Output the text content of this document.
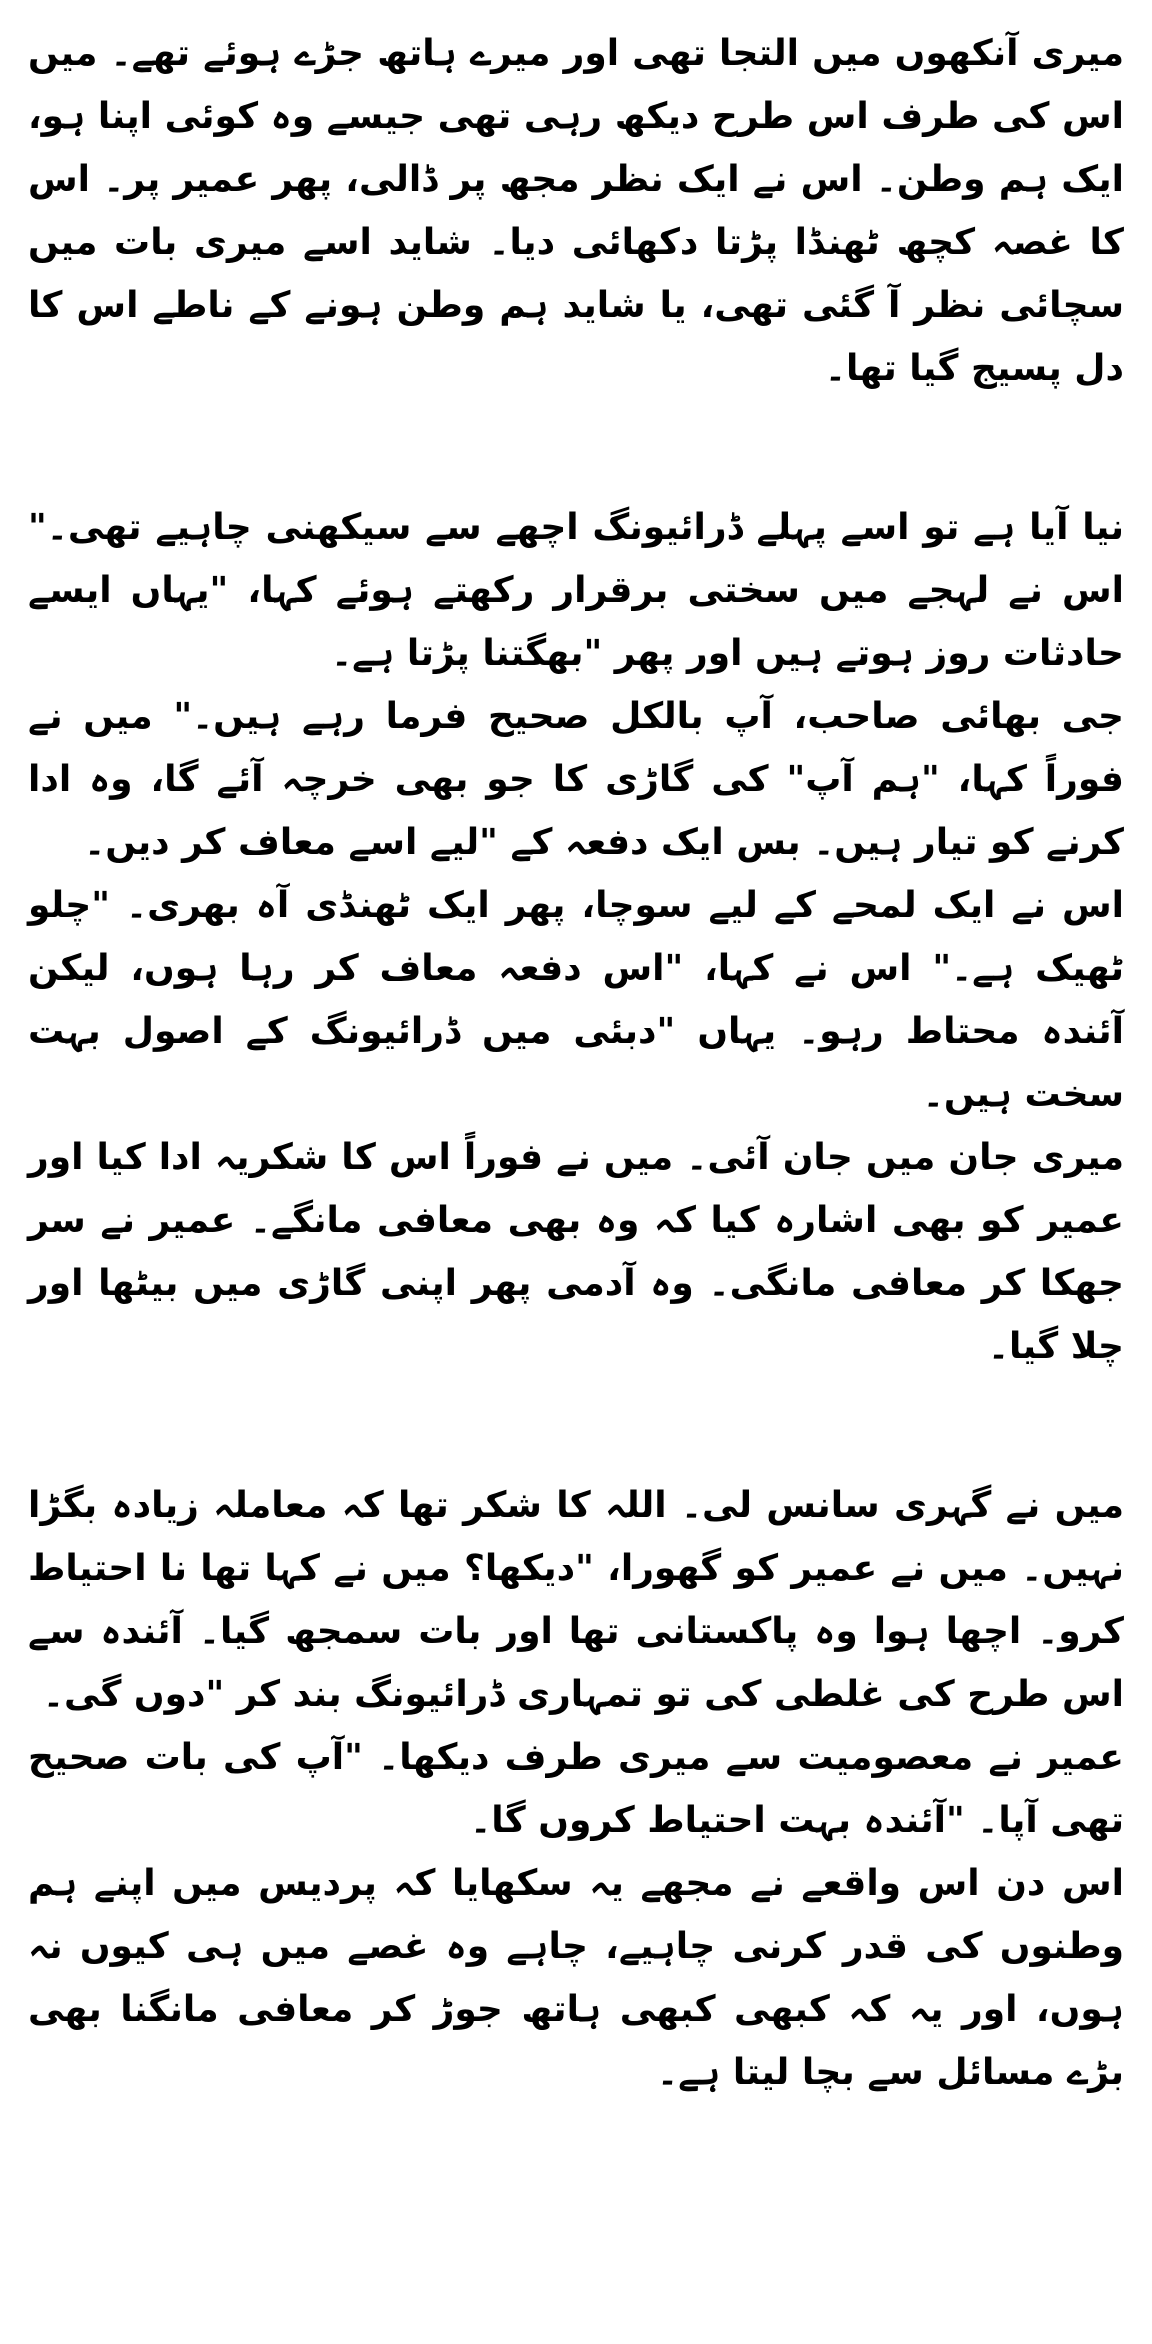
میری آنکھوں میں التجا تھی اور میرے ہاتھ جڑے ہوئے تھے۔ میں اس کی طرف اس طرح دیکھ رہی تھی جیسے وہ کوئی اپنا ہو، ایک ہم وطن۔ اس نے ایک نظر مجھ پر ڈالی، پھر عمیر پر۔ اس کا غصہ کچھ ٹھنڈا پڑتا دکھائی دیا۔ شاید اسے میری بات میں سچائی نظر آ گئی تھی، یا شاید ہم وطن ہونے کے ناطے اس کا دل پسیج گیا تھا۔

نیا آیا ہے تو اسے پہلے ڈرائیونگ اچھے سے سیکھنی چاہیے تھی۔" اس نے لہجے میں سختی برقرار رکھتے ہوئے کہا، "یہاں ایسے حادثات روز ہوتے ہیں اور پھر "بھگتنا پڑتا ہے۔

جی بھائی صاحب، آپ بالکل صحیح فرما رہے ہیں۔" میں نے فوراً کہا، "ہم آپ" کی گاڑی کا جو بھی خرچہ آئے گا، وہ ادا کرنے کو تیار ہیں۔ بس ایک دفعہ کے "لیے اسے معاف کر دیں۔

اس نے ایک لمحے کے لیے سوچا، پھر ایک ٹھنڈی آہ بھری۔ "چلو ٹھیک ہے۔" اس نے کہا، "اس دفعہ معاف کر رہا ہوں، لیکن آئندہ محتاط رہو۔ یہاں "دبئی میں ڈرائیونگ کے اصول بہت سخت ہیں۔

میری جان میں جان آئی۔ میں نے فوراً اس کا شکریہ ادا کیا اور عمیر کو بھی اشارہ کیا کہ وہ بھی معافی مانگے۔ عمیر نے سر جھکا کر معافی مانگی۔ وہ آدمی پھر اپنی گاڑی میں بیٹھا اور چلا گیا۔

میں نے گہری سانس لی۔ اللہ کا شکر تھا کہ معاملہ زیادہ بگڑا نہیں۔ میں نے عمیر کو گھورا، "دیکھا؟ میں نے کہا تھا نا احتیاط کرو۔ اچھا ہوا وہ پاکستانی تھا اور بات سمجھ گیا۔ آئندہ سے اس طرح کی غلطی کی تو تمہاری ڈرائیونگ بند کر "دوں گی۔

عمیر نے معصومیت سے میری طرف دیکھا۔ "آپ کی بات صحیح تھی آپا۔ "آئندہ بہت احتیاط کروں گا۔

اس دن اس واقعے نے مجھے یہ سکھایا کہ پردیس میں اپنے ہم وطنوں کی قدر کرنی چاہیے، چاہے وہ غصے میں ہی کیوں نہ ہوں، اور یہ کہ کبھی کبھی ہاتھ جوڑ کر معافی مانگنا بھی بڑے مسائل سے بچا لیتا ہے۔
